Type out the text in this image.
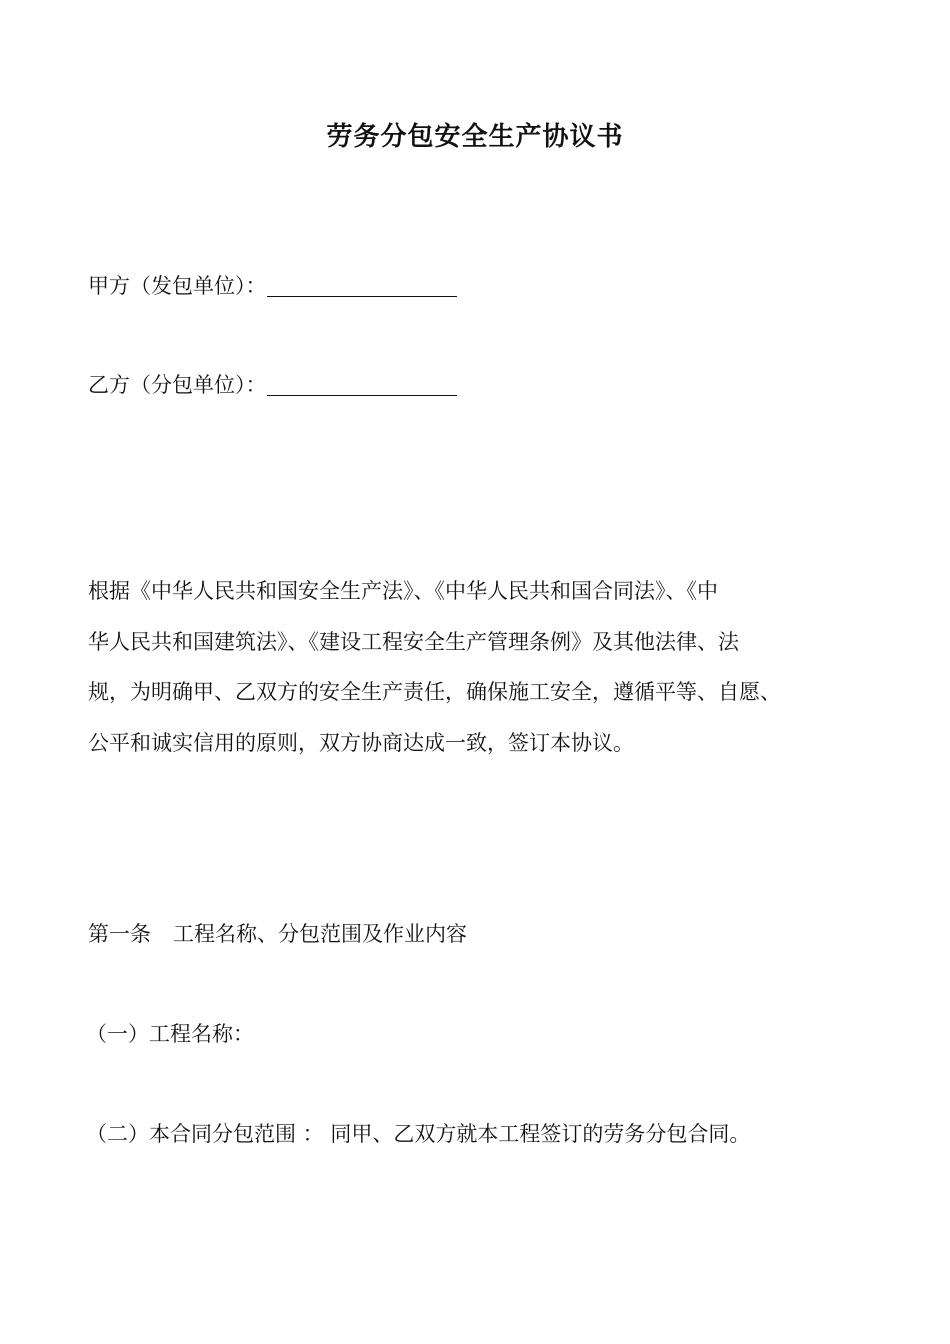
劳务分包安全生产协议书
甲方（发包单位）：
乙方（分包单位）：
根据《中华人民共和国安全生产法》、《中华人民共和国合同法》、《中
华人民共和国建筑法》、《建设工程安全生产管理条例》及其他法律、法
规，为明确甲、乙双方的安全生产责任，确保施工安全，遵循平等、自愿、
公平和诚实信用的原则，双方协商达成一致，签订本协议。
第一条 工程名称、分包范围及作业内容
（一）工程名称：
（二）本合同分包范围 ： 同甲、乙双方就本工程签订的劳务分包合同。
